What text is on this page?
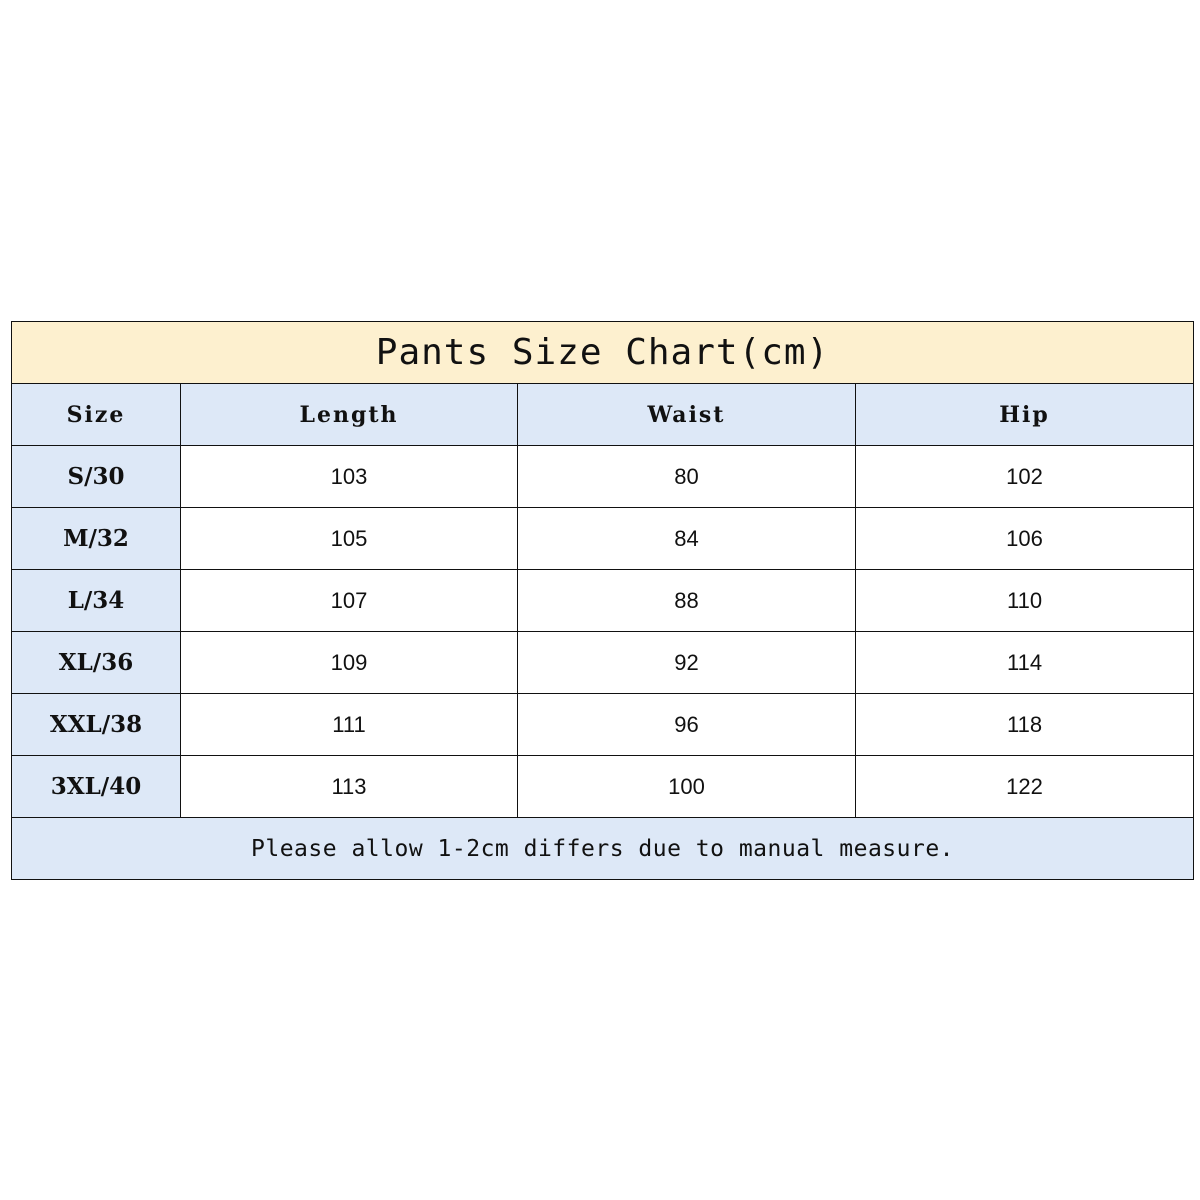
Pants Size Chart(cm)			
Size	Length	Waist	Hip
S/30	103	80	102
M/32	105	84	106
L/34	107	88	110
XL/36	109	92	114
XXL/38	111	96	118
3XL/40	113	100	122
Please allow 1-2cm differs due to manual measure.			
